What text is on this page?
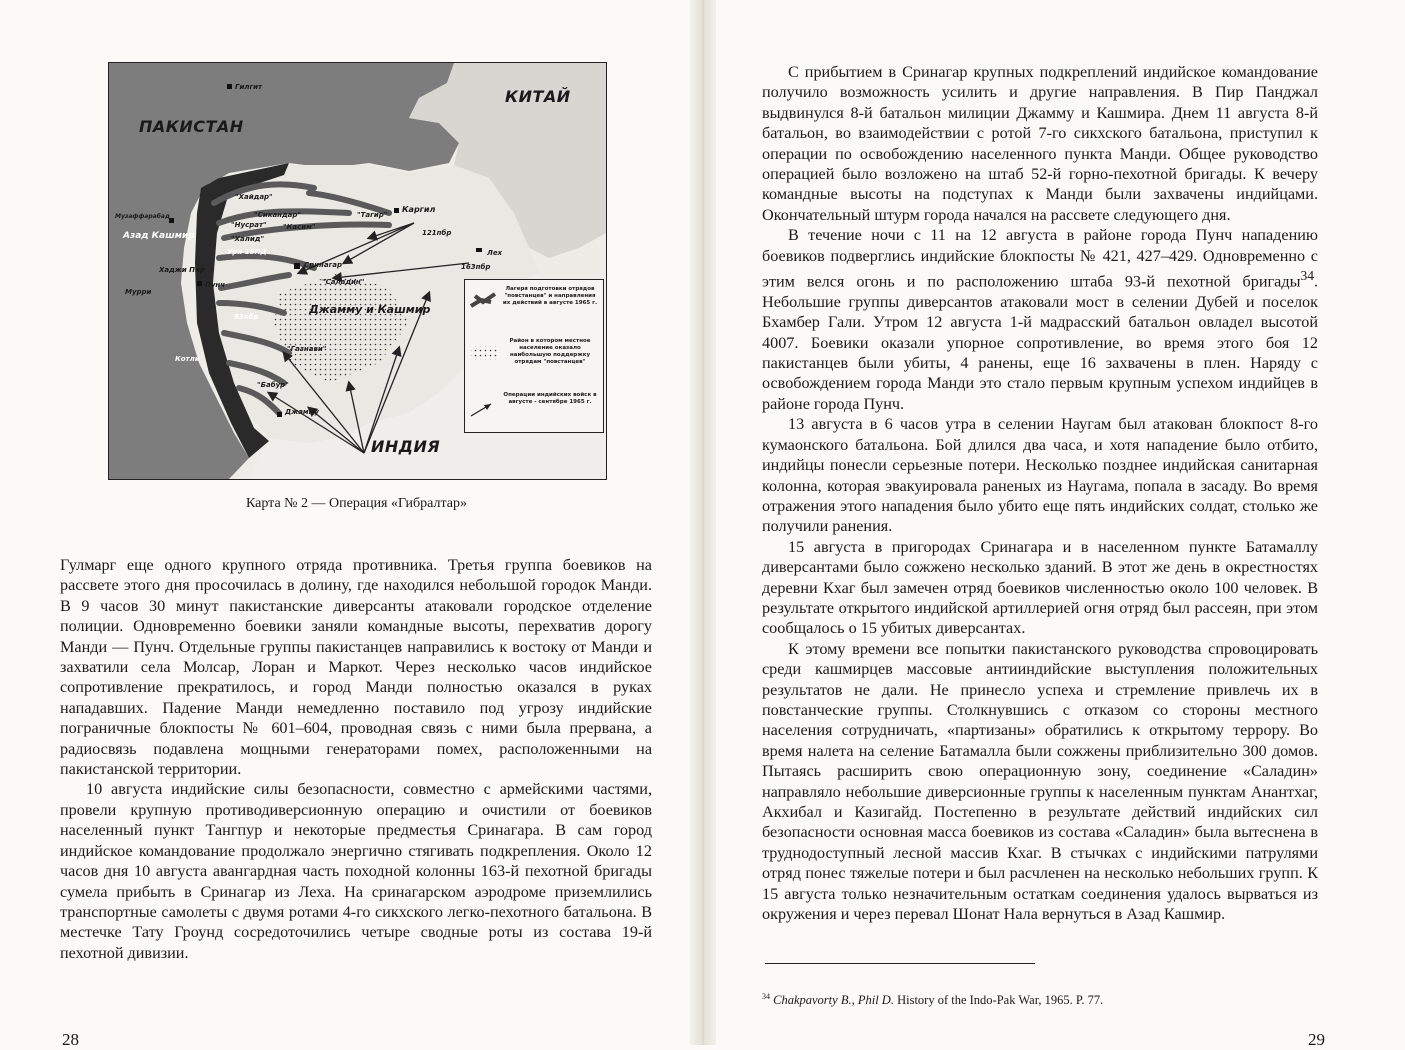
ПАКИСТАН
КИТАЙ
ИНДИЯ
Джамму и Кашмир
Гилгит
Музаффарабад
Азад Кашмир
Хаджи Пир
Мурри
Котли
Пунч
Сринагар
Каргил
Лех
Джамму
"Хайдар"
"Сикандар"
"Нусрат" "Касим"
"Халид"
"Тагир"
"Саладин"
"Газнави"
"Бабур"
Ури 19ПД
93пбр
121пбр
163пбр
Лагеря подготовки отрядов "повстанцев" и направления их действий в августе 1965 г.
Район в котором местное население оказало наибольшую поддержку отрядам "повстанцев"
Операции индийских войск в августе - сентябре 1965 г.
Карта № 2 — Операция «Гибралтар»

Гулмарг еще одного крупного отряда противника. Третья группа боевиков на рассвете этого дня просочилась в долину, где находился небольшой городок Манди. В 9 часов 30 минут пакистанские диверсанты атаковали городское отделение полиции. Одновременно боевики заняли командные высоты, перехватив дорогу Манди — Пунч. Отдельные группы пакистанцев направились к востоку от Манди и захватили села Молсар, Лоран и Маркот. Через несколько часов индийское сопротивление прекратилось, и город Манди полностью оказался в руках нападавших. Падение Манди немедленно поставило под угрозу индийские пограничные блокпосты № 601–604, проводная связь с ними была прервана, а радиосвязь подавлена мощными генераторами помех, расположенными на пакистанской территории.

10 августа индийские силы безопасности, совместно с армейскими частями, провели крупную противодиверсионную операцию и очистили от боевиков населенный пункт Тангпур и некоторые предместья Сринагара. В сам город индийское командование продолжало энергично стягивать подкрепления. Около 12 часов дня 10 августа авангардная часть походной колонны 163-й пехотной бригады сумела прибыть в Сринагар из Леха. На сринагарском аэродроме приземлились транспортные самолеты с двумя ротами 4-го сикхского легко-пехотного батальона. В местечке Тату Гроунд сосредоточились четыре сводные роты из состава 19-й пехотной дивизии.

28

С прибытием в Сринагар крупных подкреплений индийское командование получило возможность усилить и другие направления. В Пир Панджал выдвинулся 8-й батальон милиции Джамму и Кашмира. Днем 11 августа 8-й батальон, во взаимодействии с ротой 7-го сикхского батальона, приступил к операции по освобождению населенного пункта Манди. Общее руководство операцией было возложено на штаб 52-й горно-пехотной бригады. К вечеру командные высоты на подступах к Манди были захвачены индийцами. Окончательный штурм города начался на рассвете следующего дня.

В течение ночи с 11 на 12 августа в районе города Пунч нападению боевиков подверглись индийские блокпосты № 421, 427–429. Одновременно с этим велся огонь и по расположению штаба 93-й пехотной бригады$^{34}$. Небольшие группы диверсантов атаковали мост в селении Дубей и поселок Бхамбер Гали. Утром 12 августа 1-й мадрасский батальон овладел высотой 4007. Боевики оказали упорное сопротивление, во время этого боя 12 пакистанцев были убиты, 4 ранены, еще 16 захвачены в плен. Наряду с освобождением города Манди это стало первым крупным успехом индийцев в районе города Пунч.

13 августа в 6 часов утра в селении Наугам был атакован блокпост 8-го кумаонского батальона. Бой длился два часа, и хотя нападение было отбито, индийцы понесли серьезные потери. Несколько позднее индийская санитарная колонна, которая эвакуировала раненых из Наугама, попала в засаду. Во время отражения этого нападения было убито еще пять индийских солдат, столько же получили ранения.

15 августа в пригородах Сринагара и в населенном пункте Батамаллу диверсантами было сожжено несколько зданий. В этот же день в окрестностях деревни Кхаг был замечен отряд боевиков численностью около 100 человек. В результате открытого индийской артиллерией огня отряд был рассеян, при этом сообщалось о 15 убитых диверсантах.

К этому времени все попытки пакистанского руководства спровоцировать среди кашмирцев массовые антииндийские выступления положительных результатов не дали. Не принесло успеха и стремление привлечь их в повстанческие группы. Столкнувшись с отказом со стороны местного населения сотрудничать, «партизаны» обратились к открытому террору. Во время налета на селение Батамалла были сожжены приблизительно 300 домов. Пытаясь расширить свою операционную зону, соединение «Саладин» направляло небольшие диверсионные группы к населенным пунктам Анантхаг, Акхибал и Казигайд. Постепенно в результате действий индийских сил безопасности основная масса боевиков из состава «Саладин» была вытеснена в труднодоступный лесной массив Кхаг. В стычках с индийскими патрулями отряд понес тяжелые потери и был расчленен на несколько небольших групп. К 15 августа только незначительным остаткам соединения удалось вырваться из окружения и через перевал Шонат Нала вернуться в Азад Кашмир.

$^{34}$ Chakpavorty B., Phil D. History of the Indo-Pak War, 1965. P. 77.
29
